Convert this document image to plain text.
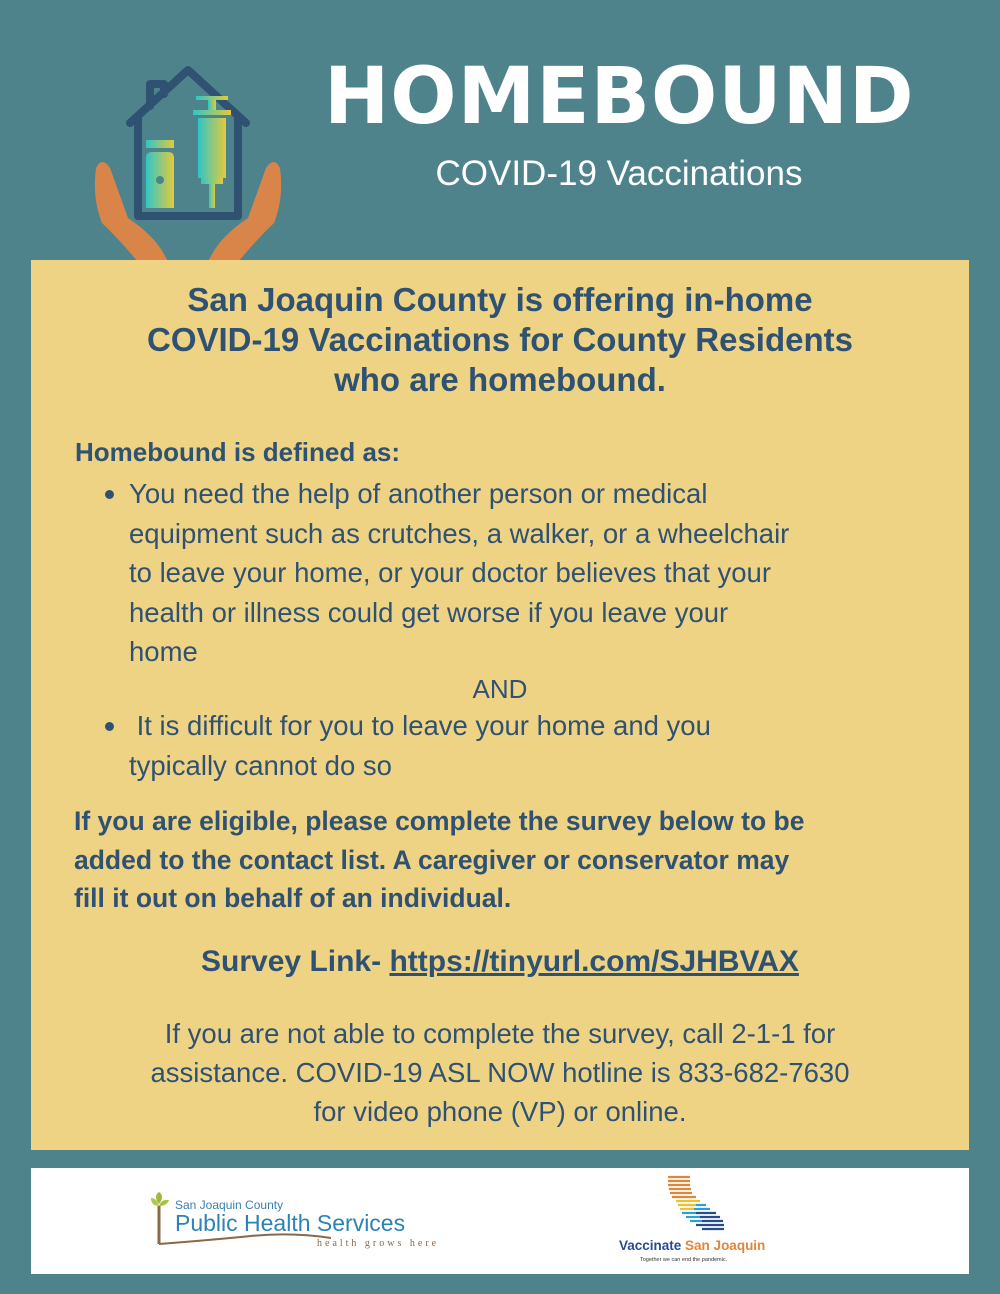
HOMEBOUND
COVID-19 Vaccinations
San Joaquin County is offering in-home
COVID-19 Vaccinations for County Residents
who are homebound.
Homebound is defined as:
You need the help of another person or medical
equipment such as crutches, a walker, or a wheelchair
to leave your home, or your doctor believes that your
health or illness could get worse if you leave your
home
AND
It is difficult for you to leave your home and you
typically cannot do so
If you are eligible, please complete the survey below to be
added to the contact list. A caregiver or conservator may
fill it out on behalf of an individual.
Survey Link- https://tinyurl.com/SJHBVAX
If you are not able to complete the survey, call 2-1-1 for
assistance. COVID-19 ASL NOW hotline is 833-682-7630
for video phone (VP) or online.
San Joaquin County
Public Health Services
health grows here	Vaccinate San Joaquin
Together we can end the pandemic.
